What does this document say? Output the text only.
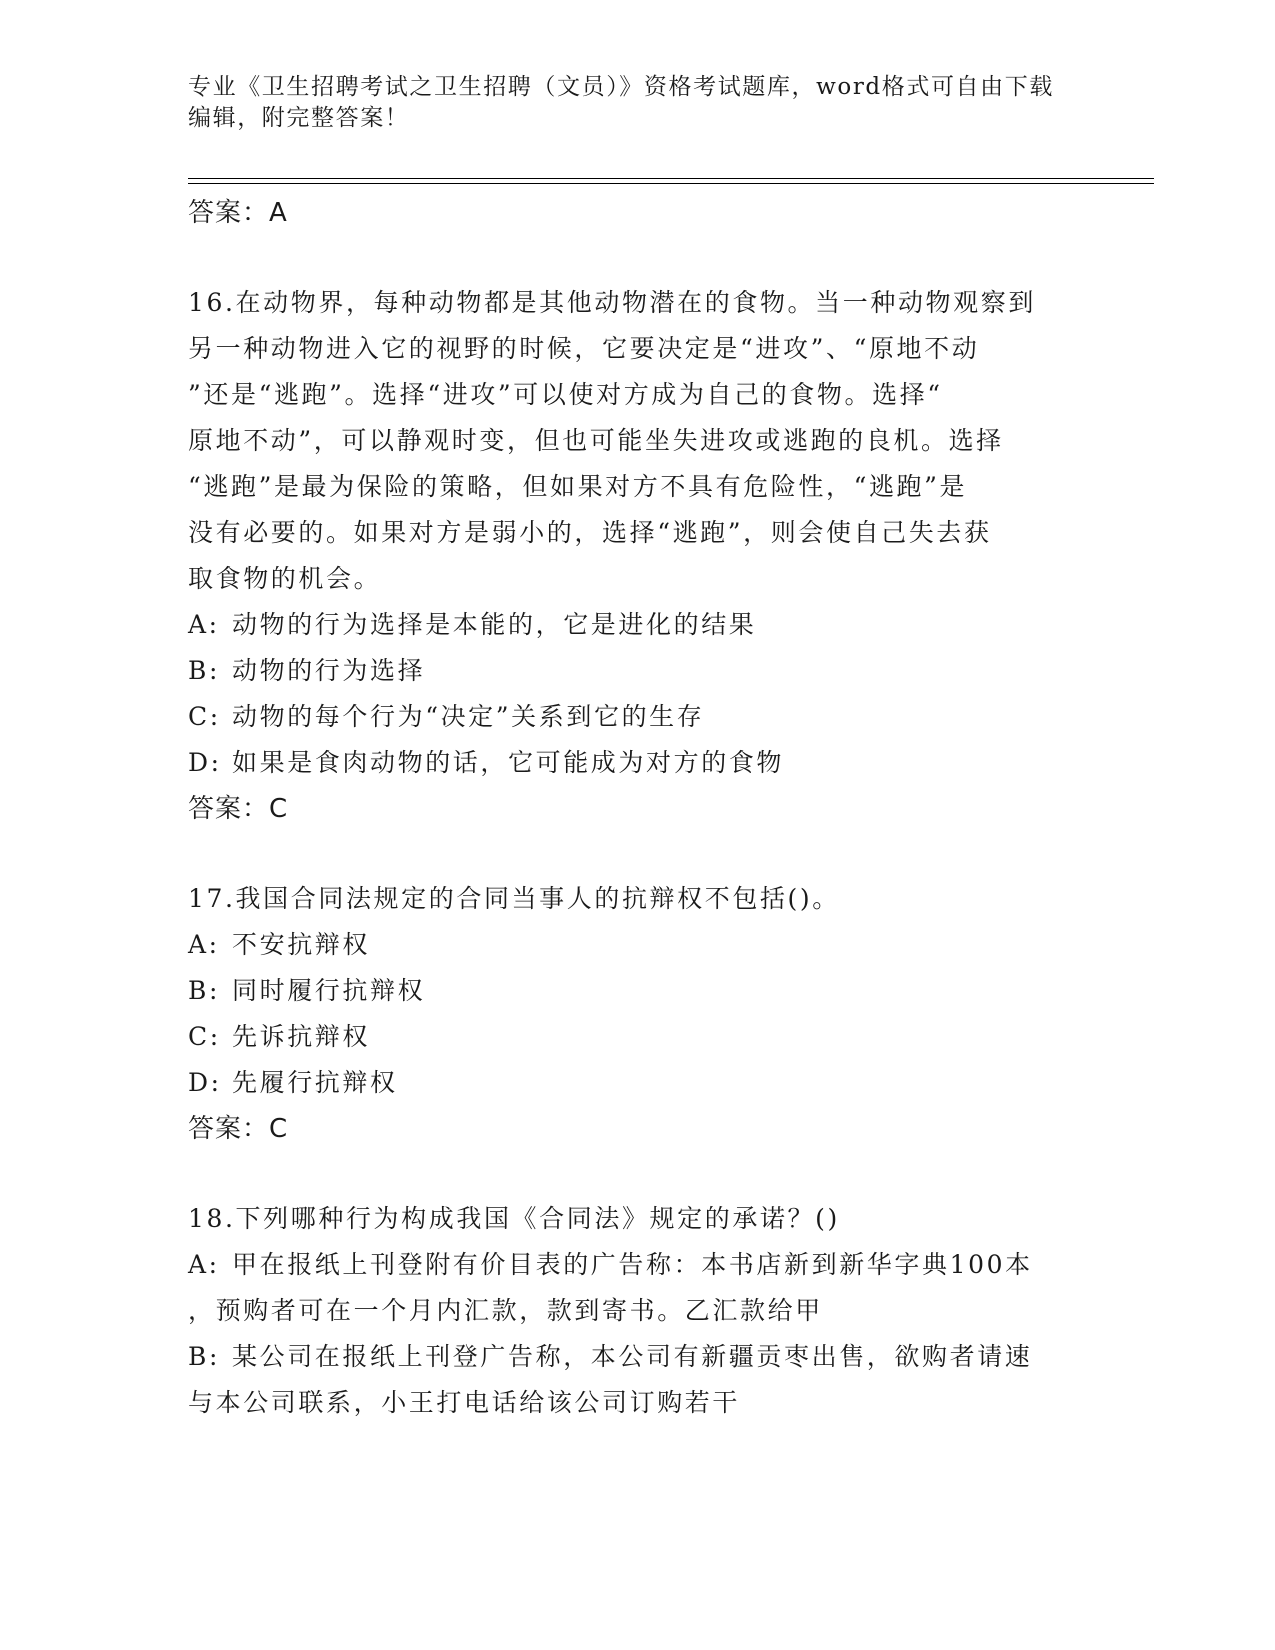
专业《卫生招聘考试之卫生招聘（文员）》资格考试题库，word格式可自由下载
编辑，附完整答案！

答案：A

16.在动物界，每种动物都是其他动物潜在的食物。当一种动物观察到

另一种动物进入它的视野的时候，它要决定是“进攻”、“原地不动

”还是“逃跑”。选择“进攻”可以使对方成为自己的食物。选择“

原地不动”，可以静观时变，但也可能坐失进攻或逃跑的良机。选择

“逃跑”是最为保险的策略，但如果对方不具有危险性，“逃跑”是

没有必要的。如果对方是弱小的，选择“逃跑”，则会使自己失去获

取食物的机会。

A: 动物的行为选择是本能的，它是进化的结果

B: 动物的行为选择

C: 动物的每个行为“决定”关系到它的生存

D: 如果是食肉动物的话，它可能成为对方的食物

答案：C

17.我国合同法规定的合同当事人的抗辩权不包括()。

A: 不安抗辩权

B: 同时履行抗辩权

C: 先诉抗辩权

D: 先履行抗辩权

答案：C

18.下列哪种行为构成我国《合同法》规定的承诺？()

A: 甲在报纸上刊登附有价目表的广告称：本书店新到新华字典100本

，预购者可在一个月内汇款，款到寄书。乙汇款给甲

B: 某公司在报纸上刊登广告称，本公司有新疆贡枣出售，欲购者请速

与本公司联系，小王打电话给该公司订购若干
